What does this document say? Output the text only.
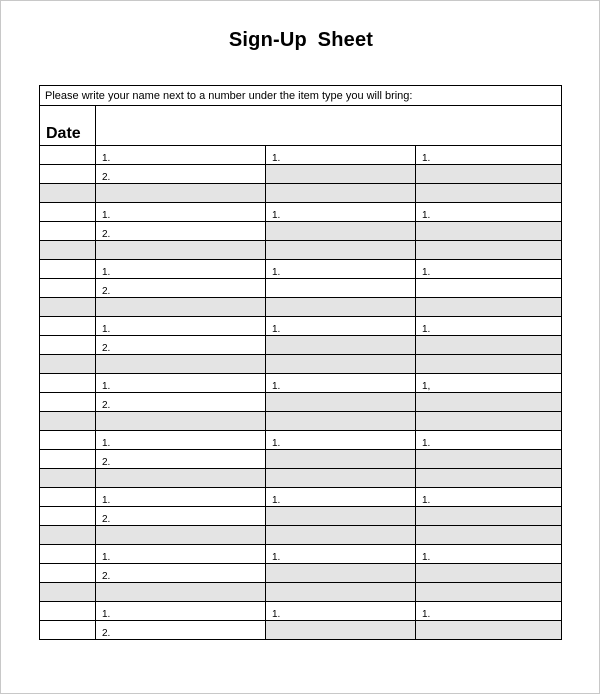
Sign-Up Sheet
Please write your name next to a number under the item type you will bring:			
Date			
	1.	1.	1.
	2.		

	1.	1.	1.
	2.		

	1.	1.	1.
	2.		

	1.	1.	1.
	2.		

	1.	1.	1,
	2.		

	1.	1.	1.
	2.		

	1.	1.	1.
	2.		

	1.	1.	1.
	2.		

	1.	1.	1.
	2.		
